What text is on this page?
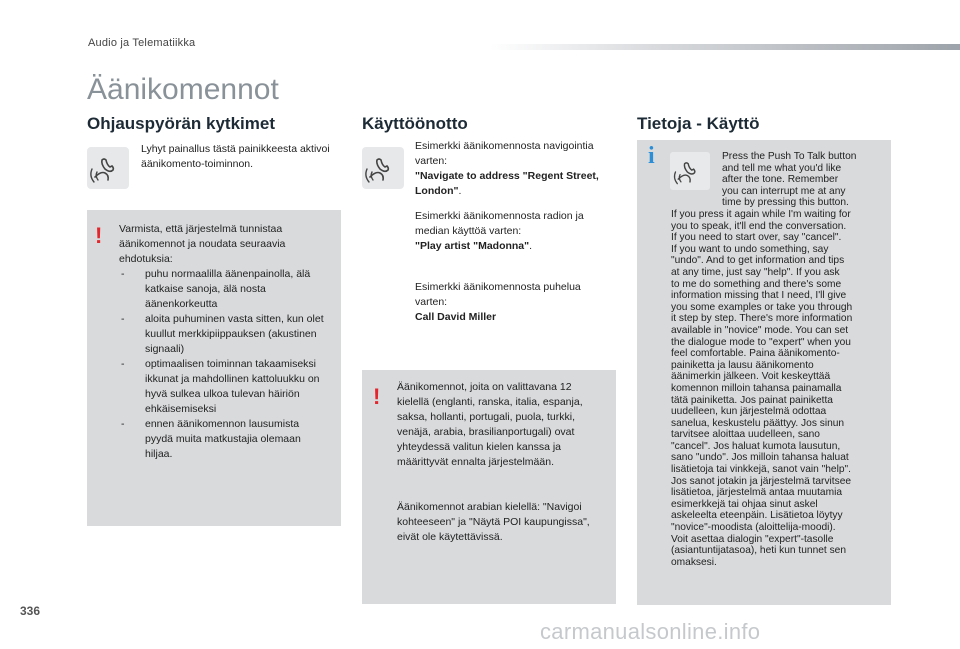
Audio ja Telematiikka
Äänikomennot
Ohjauspyörän kytkimet
Lyhyt painallus tästä painikkeesta aktivoi äänikomento-toiminnon.
! Varmista, että järjestelmä tunnistaa äänikomennot ja noudata seuraavia ehdotuksia:
- puhu normaalilla äänenpainolla, älä katkaise sanoja, älä nosta äänenkorkeutta
- aloita puhuminen vasta sitten, kun olet kuullut merkkipiippauksen (akustinen signaali)
- optimaalisen toiminnan takaamiseksi ikkunat ja mahdollinen kattoluukku on hyvä sulkea ulkoa tulevan häiriön ehkäisemiseksi
- ennen äänikomennon lausumista pyydä muita matkustajia olemaan hiljaa.
Käyttöönotto
Esimerkki äänikomennosta navigointia varten:
"Navigate to address "Regent Street, London".
Esimerkki äänikomennosta radion ja median käyttöä varten:
"Play artist "Madonna".
Esimerkki äänikomennosta puhelua varten:
Call David Miller
! Äänikomennot, joita on valittavana 12 kielellä (englanti, ranska, italia, espanja, saksa, hollanti, portugali, puola, turkki, venäjä, arabia, brasilianportugali) ovat yhteydessä valitun kielen kanssa ja määrittyvät ennalta järjestelmään.
Äänikomennot arabian kielellä: "Navigoi kohteeseen" ja "Näytä POI kaupungissa", eivät ole käytettävissä.
Tietoja - Käyttö
i	Press the Push To Talk button
and tell me what you'd like
after the tone. Remember
you can interrupt me at any
time by pressing this button.
If you press it again while I'm waiting for
you to speak, it'll end the conversation.
If you need to start over, say "cancel".
If you want to undo something, say
"undo". And to get information and tips
at any time, just say "help". If you ask
to me do something and there's some
information missing that I need, I'll give
you some examples or take you through
it step by step. There's more information
available in "novice" mode. You can set
the dialogue mode to "expert" when you
feel comfortable. Paina äänikomento-
painiketta ja lausu äänikomento
äänimerkin jälkeen. Voit keskeyttää
komennon milloin tahansa painamalla
tätä painiketta. Jos painat painiketta
uudelleen, kun järjestelmä odottaa
sanelua, keskustelu päättyy. Jos sinun
tarvitsee aloittaa uudelleen, sano
"cancel". Jos haluat kumota lausutun,
sano "undo". Jos milloin tahansa haluat
lisätietoja tai vinkkejä, sanot vain "help".
Jos sanot jotakin ja järjestelmä tarvitsee
lisätietoa, järjestelmä antaa muutamia
esimerkkejä tai ohjaa sinut askel
askeleelta eteenpäin. Lisätietoa löytyy
"novice"-moodista (aloittelija-moodi).
Voit asettaa dialogin "expert"-tasolle
(asiantuntijatasoa), heti kun tunnet sen
omaksesi.
336
carmanualsonline.info
